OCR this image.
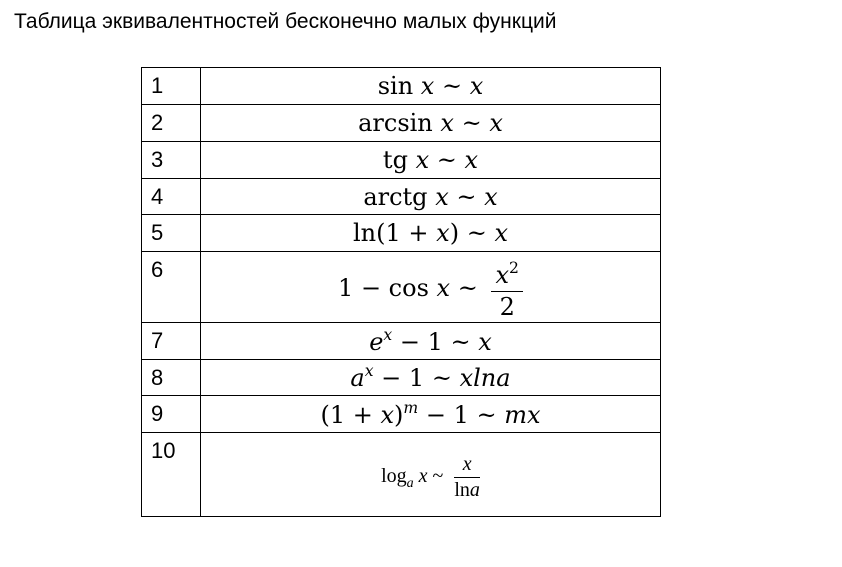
Таблица эквивалентностей бесконечно малых функций
1	sin x ~ x
2	arcsin x ~ x
3	tg x ~ x
4	arctg x ~ x
5	ln(1 + x) ~ x
6	1 − cos x ~ $\frac{x^2}{2}$

7	$e^x - 1$ ~ x
8	$a^x - 1$ ~ xlna
9	$(1 + x)^m - 1$ ~ mx
10	$\log_a x$ ~ $\frac{x}{\ln a}$
